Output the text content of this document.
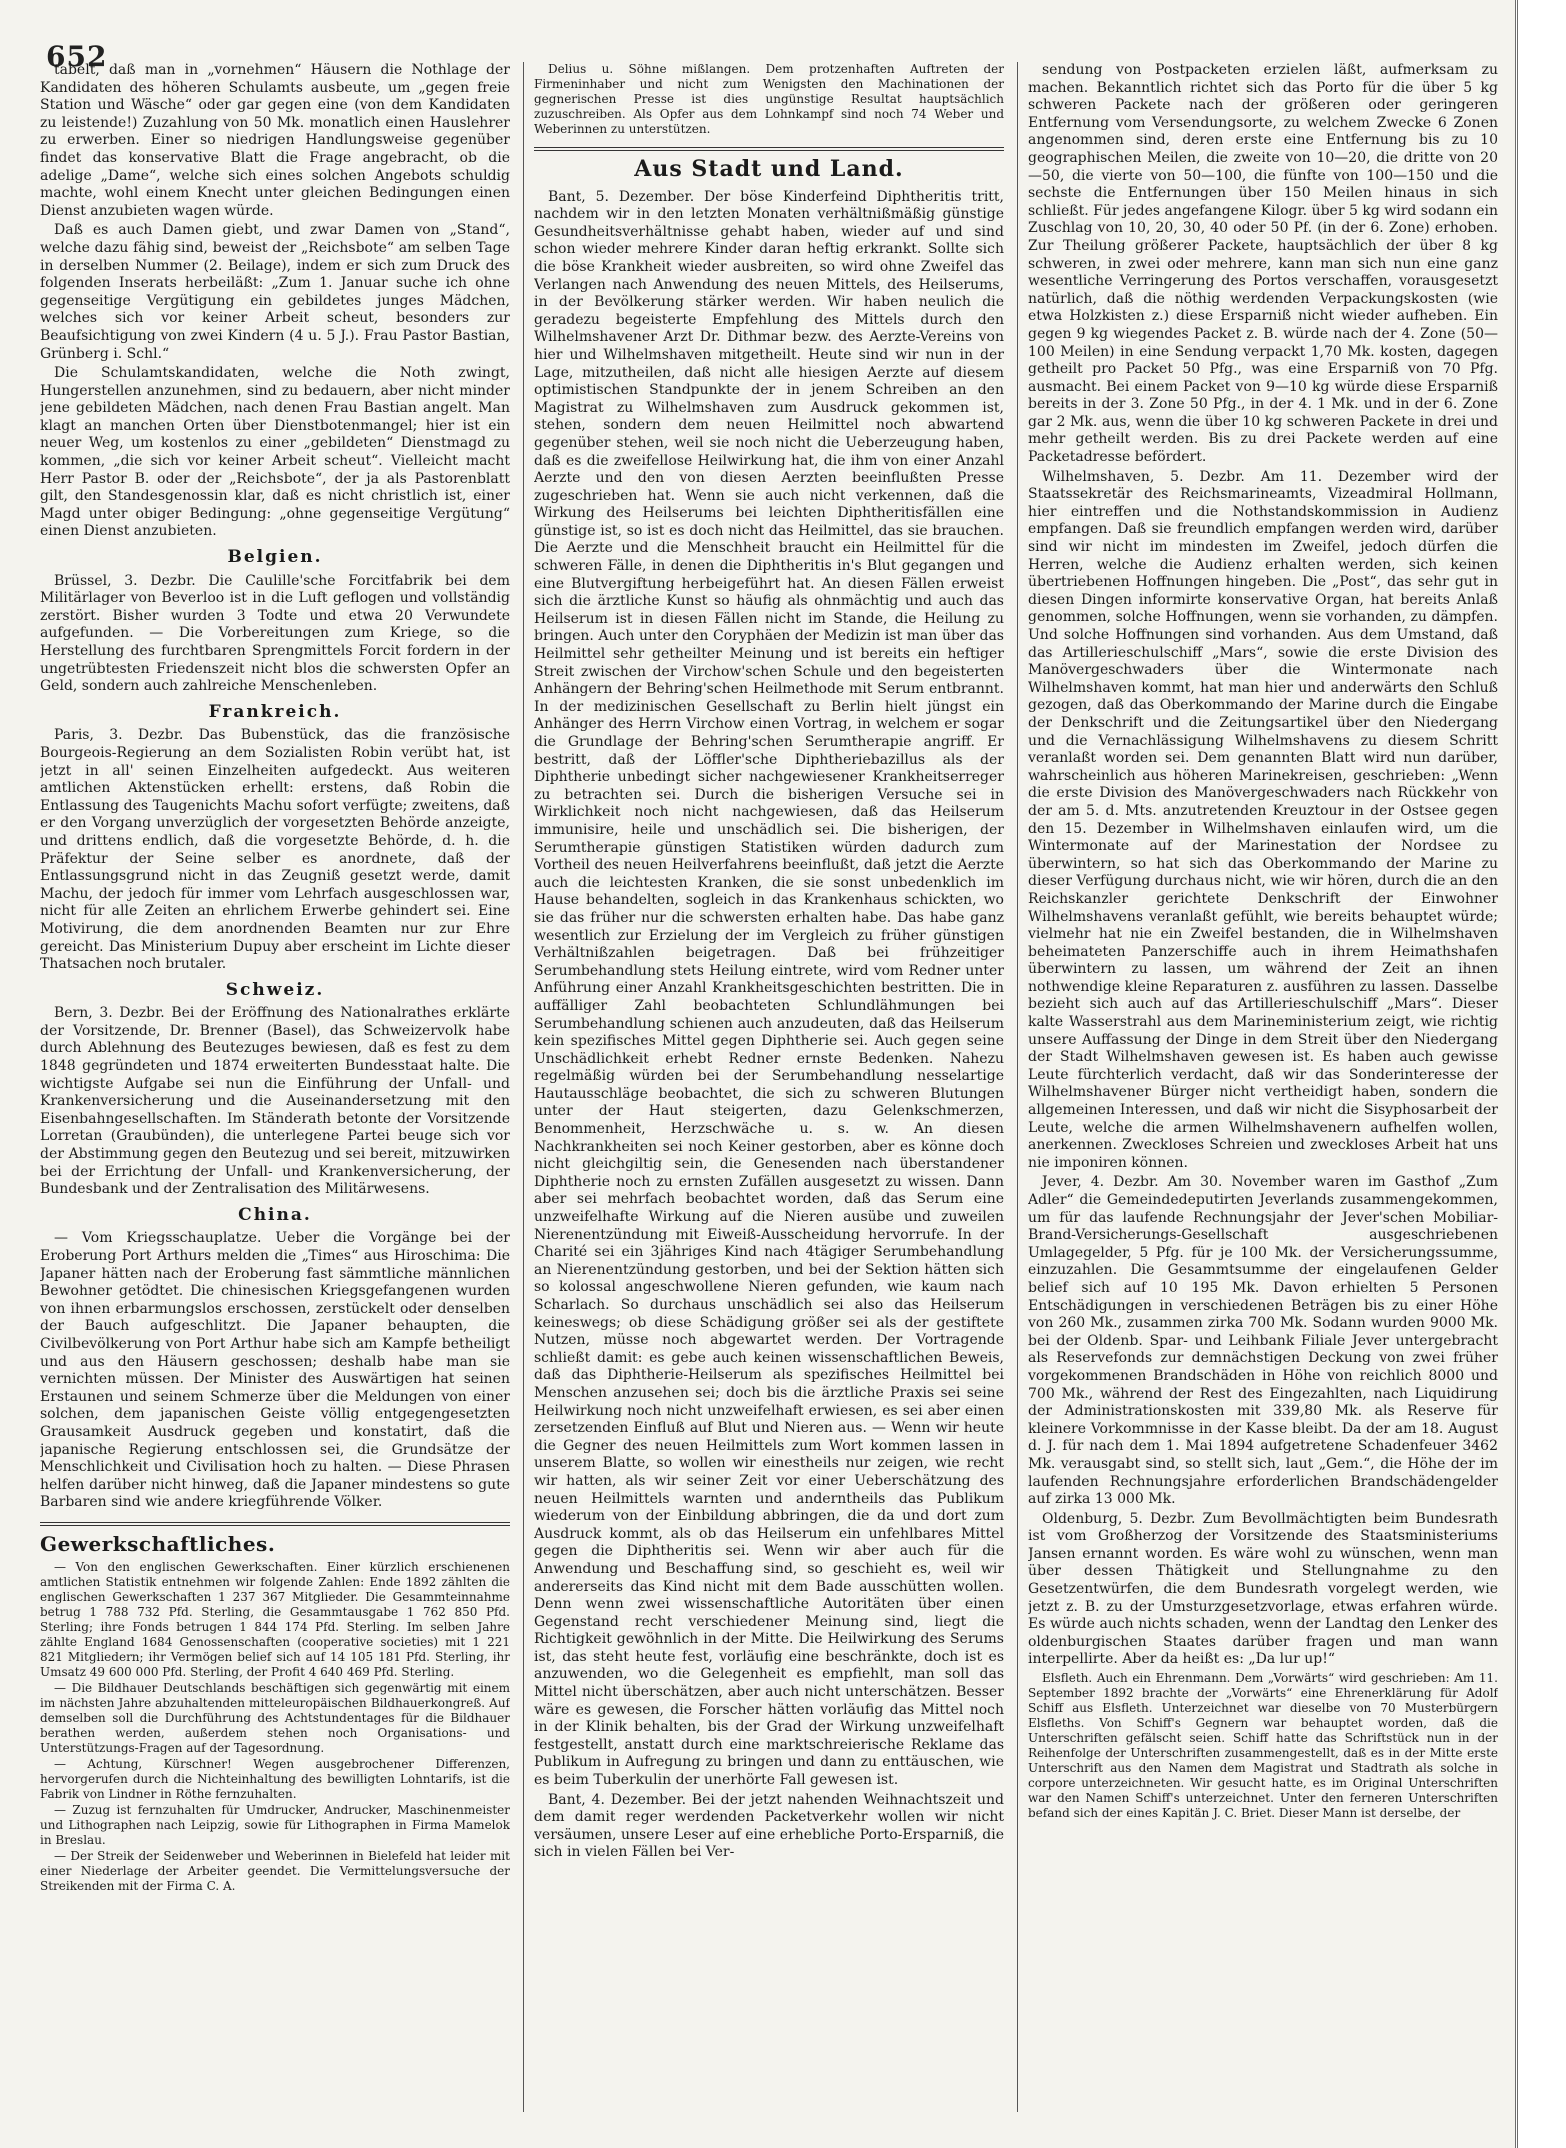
652

tabelt, daß man in „vornehmen“ Häusern die Nothlage der Kandidaten des höheren Schulamts ausbeute, um „gegen freie Station und Wäsche“ oder gar gegen eine (von dem Kandidaten zu leistende!) Zuzahlung von 50 Mk. monatlich einen Hauslehrer zu erwerben. Einer so niedrigen Handlungsweise gegenüber findet das konservative Blatt die Frage angebracht, ob die adelige „Dame“, welche sich eines solchen Angebots schuldig machte, wohl einem Knecht unter gleichen Bedingungen einen Dienst anzubieten wagen würde.

Daß es auch Damen giebt, und zwar Damen von „Stand“, welche dazu fähig sind, beweist der „Reichsbote“ am selben Tage in derselben Nummer (2. Beilage), indem er sich zum Druck des folgenden Inserats herbeiläßt: „Zum 1. Januar suche ich ohne gegenseitige Vergütigung ein gebildetes junges Mädchen, welches sich vor keiner Arbeit scheut, besonders zur Beaufsichtigung von zwei Kindern (4 u. 5 J.). Frau Pastor Bastian, Grünberg i. Schl.“

Die Schulamtskandidaten, welche die Noth zwingt, Hungerstellen anzunehmen, sind zu bedauern, aber nicht minder jene gebildeten Mädchen, nach denen Frau Bastian angelt. Man klagt an manchen Orten über Dienstbotenmangel; hier ist ein neuer Weg, um kostenlos zu einer „gebildeten“ Dienstmagd zu kommen, „die sich vor keiner Arbeit scheut“. Vielleicht macht Herr Pastor B. oder der „Reichsbote“, der ja als Pastorenblatt gilt, den Standesgenossin klar, daß es nicht christlich ist, einer Magd unter obiger Bedingung: „ohne gegenseitige Vergütung“ einen Dienst anzubieten.

Belgien.

Brüssel, 3. Dezbr. Die Caulille'sche Forcitfabrik bei dem Militärlager von Beverloo ist in die Luft geflogen und vollständig zerstört. Bisher wurden 3 Todte und etwa 20 Verwundete aufgefunden. — Die Vorbereitungen zum Kriege, so die Herstellung des furchtbaren Sprengmittels Forcit fordern in der ungetrübtesten Friedenszeit nicht blos die schwersten Opfer an Geld, sondern auch zahlreiche Menschenleben.

Frankreich.

Paris, 3. Dezbr. Das Bubenstück, das die französische Bourgeois-Regierung an dem Sozialisten Robin verübt hat, ist jetzt in all' seinen Einzelheiten aufgedeckt. Aus weiteren amtlichen Aktenstücken erhellt: erstens, daß Robin die Entlassung des Taugenichts Machu sofort verfügte; zweitens, daß er den Vorgang unverzüglich der vorgesetzten Behörde anzeigte, und drittens endlich, daß die vorgesetzte Behörde, d. h. die Präfektur der Seine selber es anordnete, daß der Entlassungsgrund nicht in das Zeugniß gesetzt werde, damit Machu, der jedoch für immer vom Lehrfach ausgeschlossen war, nicht für alle Zeiten an ehrlichem Erwerbe gehindert sei. Eine Motivirung, die dem anordnenden Beamten nur zur Ehre gereicht. Das Ministerium Dupuy aber erscheint im Lichte dieser Thatsachen noch brutaler.

Schweiz.

Bern, 3. Dezbr. Bei der Eröffnung des Nationalrathes erklärte der Vorsitzende, Dr. Brenner (Basel), das Schweizervolk habe durch Ablehnung des Beutezuges bewiesen, daß es fest zu dem 1848 gegründeten und 1874 erweiterten Bundesstaat halte. Die wichtigste Aufgabe sei nun die Einführung der Unfall- und Krankenversicherung und die Auseinandersetzung mit den Eisenbahngesellschaften. Im Ständerath betonte der Vorsitzende Lorretan (Graubünden), die unterlegene Partei beuge sich vor der Abstimmung gegen den Beutezug und sei bereit, mitzuwirken bei der Errichtung der Unfall- und Krankenversicherung, der Bundesbank und der Zentralisation des Militärwesens.

China.

— Vom Kriegsschauplatze. Ueber die Vorgänge bei der Eroberung Port Arthurs melden die „Times“ aus Hiroschima: Die Japaner hätten nach der Eroberung fast sämmtliche männlichen Bewohner getödtet. Die chinesischen Kriegsgefangenen wurden von ihnen erbarmungslos erschossen, zerstückelt oder denselben der Bauch aufgeschlitzt. Die Japaner behaupten, die Civilbevölkerung von Port Arthur habe sich am Kampfe betheiligt und aus den Häusern geschossen; deshalb habe man sie vernichten müssen. Der Minister des Auswärtigen hat seinen Erstaunen und seinem Schmerze über die Meldungen von einer solchen, dem japanischen Geiste völlig entgegengesetzten Grausamkeit Ausdruck gegeben und konstatirt, daß die japanische Regierung entschlossen sei, die Grundsätze der Menschlichkeit und Civilisation hoch zu halten. — Diese Phrasen helfen darüber nicht hinweg, daß die Japaner mindestens so gute Barbaren sind wie andere kriegführende Völker.

Gewerkschaftliches.

— Von den englischen Gewerkschaften. Einer kürzlich erschienenen amtlichen Statistik entnehmen wir folgende Zahlen: Ende 1892 zählten die englischen Gewerkschaften 1 237 367 Mitglieder. Die Gesammteinnahme betrug 1 788 732 Pfd. Sterling, die Gesammtausgabe 1 762 850 Pfd. Sterling; ihre Fonds betrugen 1 844 174 Pfd. Sterling. Im selben Jahre zählte England 1684 Genossenschaften (cooperative societies) mit 1 221 821 Mitgliedern; ihr Vermögen belief sich auf 14 105 181 Pfd. Sterling, ihr Umsatz 49 600 000 Pfd. Sterling, der Profit 4 640 469 Pfd. Sterling.

— Die Bildhauer Deutschlands beschäftigen sich gegenwärtig mit einem im nächsten Jahre abzuhaltenden mitteleuropäischen Bildhauerkongreß. Auf demselben soll die Durchführung des Achtstundentages für die Bildhauer berathen werden, außerdem stehen noch Organisations- und Unterstützungs-Fragen auf der Tagesordnung.

— Achtung, Kürschner! Wegen ausgebrochener Differenzen, hervorgerufen durch die Nichteinhaltung des bewilligten Lohntarifs, ist die Fabrik von Lindner in Röthe fernzuhalten.

— Zuzug ist fernzuhalten für Umdrucker, Andrucker, Maschinenmeister und Lithographen nach Leipzig, sowie für Lithographen in Firma Mamelok in Breslau.

— Der Streik der Seidenweber und Weberinnen in Bielefeld hat leider mit einer Niederlage der Arbeiter geendet. Die Vermittelungsversuche der Streikenden mit der Firma C. A.

Delius u. Söhne mißlangen. Dem protzenhaften Auftreten der Firmeninhaber und nicht zum Wenigsten den Machinationen der gegnerischen Presse ist dies ungünstige Resultat hauptsächlich zuzuschreiben. Als Opfer aus dem Lohnkampf sind noch 74 Weber und Weberinnen zu unterstützen.

Aus Stadt und Land.

Bant, 5. Dezember. Der böse Kinderfeind Diphtheritis tritt, nachdem wir in den letzten Monaten verhältnißmäßig günstige Gesundheitsverhältnisse gehabt haben, wieder auf und sind schon wieder mehrere Kinder daran heftig erkrankt. Sollte sich die böse Krankheit wieder ausbreiten, so wird ohne Zweifel das Verlangen nach Anwendung des neuen Mittels, des Heilserums, in der Bevölkerung stärker werden. Wir haben neulich die geradezu begeisterte Empfehlung des Mittels durch den Wilhelmshavener Arzt Dr. Dithmar bezw. des Aerzte-Vereins von hier und Wilhelmshaven mitgetheilt. Heute sind wir nun in der Lage, mitzutheilen, daß nicht alle hiesigen Aerzte auf diesem optimistischen Standpunkte der in jenem Schreiben an den Magistrat zu Wilhelmshaven zum Ausdruck gekommen ist, stehen, sondern dem neuen Heilmittel noch abwartend gegenüber stehen, weil sie noch nicht die Ueberzeugung haben, daß es die zweifellose Heilwirkung hat, die ihm von einer Anzahl Aerzte und den von diesen Aerzten beeinflußten Presse zugeschrieben hat. Wenn sie auch nicht verkennen, daß die Wirkung des Heilserums bei leichten Diphtheritisfällen eine günstige ist, so ist es doch nicht das Heilmittel, das sie brauchen. Die Aerzte und die Menschheit braucht ein Heilmittel für die schweren Fälle, in denen die Diphtheritis in's Blut gegangen und eine Blutvergiftung herbeigeführt hat. An diesen Fällen erweist sich die ärztliche Kunst so häufig als ohnmächtig und auch das Heilserum ist in diesen Fällen nicht im Stande, die Heilung zu bringen. Auch unter den Coryphäen der Medizin ist man über das Heilmittel sehr getheilter Meinung und ist bereits ein heftiger Streit zwischen der Virchow'schen Schule und den begeisterten Anhängern der Behring'schen Heilmethode mit Serum entbrannt. In der medizinischen Gesellschaft zu Berlin hielt jüngst ein Anhänger des Herrn Virchow einen Vortrag, in welchem er sogar die Grundlage der Behring'schen Serumtherapie angriff. Er bestritt, daß der Löffler'sche Diphtheriebazillus als der Diphtherie unbedingt sicher nachgewiesener Krankheitserreger zu betrachten sei. Durch die bisherigen Versuche sei in Wirklichkeit noch nicht nachgewiesen, daß das Heilserum immunisire, heile und unschädlich sei. Die bisherigen, der Serumtherapie günstigen Statistiken würden dadurch zum Vortheil des neuen Heilverfahrens beeinflußt, daß jetzt die Aerzte auch die leichtesten Kranken, die sie sonst unbedenklich im Hause behandelten, sogleich in das Krankenhaus schickten, wo sie das früher nur die schwersten erhalten habe. Das habe ganz wesentlich zur Erzielung der im Vergleich zu früher günstigen Verhältnißzahlen beigetragen. Daß bei frühzeitiger Serumbehandlung stets Heilung eintrete, wird vom Redner unter Anführung einer Anzahl Krankheitsgeschichten bestritten. Die in auffälliger Zahl beobachteten Schlundlähmungen bei Serumbehandlung schienen auch anzudeuten, daß das Heilserum kein spezifisches Mittel gegen Diphtherie sei. Auch gegen seine Unschädlichkeit erhebt Redner ernste Bedenken. Nahezu regelmäßig würden bei der Serumbehandlung nesselartige Hautausschläge beobachtet, die sich zu schweren Blutungen unter der Haut steigerten, dazu Gelenkschmerzen, Benommenheit, Herzschwäche u. s. w. An diesen Nachkrankheiten sei noch Keiner gestorben, aber es könne doch nicht gleichgiltig sein, die Genesenden nach überstandener Diphtherie noch zu ernsten Zufällen ausgesetzt zu wissen. Dann aber sei mehrfach beobachtet worden, daß das Serum eine unzweifelhafte Wirkung auf die Nieren ausübe und zuweilen Nierenentzündung mit Eiweiß-Ausscheidung hervorrufe. In der Charité sei ein 3jähriges Kind nach 4tägiger Serumbehandlung an Nierenentzündung gestorben, und bei der Sektion hätten sich so kolossal angeschwollene Nieren gefunden, wie kaum nach Scharlach. So durchaus unschädlich sei also das Heilserum keineswegs; ob diese Schädigung größer sei als der gestiftete Nutzen, müsse noch abgewartet werden. Der Vortragende schließt damit: es gebe auch keinen wissenschaftlichen Beweis, daß das Diphtherie-Heilserum als spezifisches Heilmittel bei Menschen anzusehen sei; doch bis die ärztliche Praxis sei seine Heilwirkung noch nicht unzweifelhaft erwiesen, es sei aber einen zersetzenden Einfluß auf Blut und Nieren aus. — Wenn wir heute die Gegner des neuen Heilmittels zum Wort kommen lassen in unserem Blatte, so wollen wir einestheils nur zeigen, wie recht wir hatten, als wir seiner Zeit vor einer Ueberschätzung des neuen Heilmittels warnten und anderntheils das Publikum wiederum von der Einbildung abbringen, die da und dort zum Ausdruck kommt, als ob das Heilserum ein unfehlbares Mittel gegen die Diphtheritis sei. Wenn wir aber auch für die Anwendung und Beschaffung sind, so geschieht es, weil wir andererseits das Kind nicht mit dem Bade ausschütten wollen. Denn wenn zwei wissenschaftliche Autoritäten über einen Gegenstand recht verschiedener Meinung sind, liegt die Richtigkeit gewöhnlich in der Mitte. Die Heilwirkung des Serums ist, das steht heute fest, vorläufig eine beschränkte, doch ist es anzuwenden, wo die Gelegenheit es empfiehlt, man soll das Mittel nicht überschätzen, aber auch nicht unterschätzen. Besser wäre es gewesen, die Forscher hätten vorläufig das Mittel noch in der Klinik behalten, bis der Grad der Wirkung unzweifelhaft festgestellt, anstatt durch eine marktschreierische Reklame das Publikum in Aufregung zu bringen und dann zu enttäuschen, wie es beim Tuberkulin der unerhörte Fall gewesen ist.

Bant, 4. Dezember. Bei der jetzt nahenden Weihnachtszeit und dem damit reger werdenden Packetverkehr wollen wir nicht versäumen, unsere Leser auf eine erhebliche Porto-Ersparniß, die sich in vielen Fällen bei Ver-

sendung von Postpacketen erzielen läßt, aufmerksam zu machen. Bekanntlich richtet sich das Porto für die über 5 kg schweren Packete nach der größeren oder geringeren Entfernung vom Versendungsorte, zu welchem Zwecke 6 Zonen angenommen sind, deren erste eine Entfernung bis zu 10 geographischen Meilen, die zweite von 10—20, die dritte von 20—50, die vierte von 50—100, die fünfte von 100—150 und die sechste die Entfernungen über 150 Meilen hinaus in sich schließt. Für jedes angefangene Kilogr. über 5 kg wird sodann ein Zuschlag von 10, 20, 30, 40 oder 50 Pf. (in der 6. Zone) erhoben. Zur Theilung größerer Packete, hauptsächlich der über 8 kg schweren, in zwei oder mehrere, kann man sich nun eine ganz wesentliche Verringerung des Portos verschaffen, vorausgesetzt natürlich, daß die nöthig werdenden Verpackungskosten (wie etwa Holzkisten z.) diese Ersparniß nicht wieder aufheben. Ein gegen 9 kg wiegendes Packet z. B. würde nach der 4. Zone (50—100 Meilen) in eine Sendung verpackt 1,70 Mk. kosten, dagegen getheilt pro Packet 50 Pfg., was eine Ersparniß von 70 Pfg. ausmacht. Bei einem Packet von 9—10 kg würde diese Ersparniß bereits in der 3. Zone 50 Pfg., in der 4. 1 Mk. und in der 6. Zone gar 2 Mk. aus, wenn die über 10 kg schweren Packete in drei und mehr getheilt werden. Bis zu drei Packete werden auf eine Packetadresse befördert.

Wilhelmshaven, 5. Dezbr. Am 11. Dezember wird der Staatssekretär des Reichsmarineamts, Vizeadmiral Hollmann, hier eintreffen und die Nothstandskommission in Audienz empfangen. Daß sie freundlich empfangen werden wird, darüber sind wir nicht im mindesten im Zweifel, jedoch dürfen die Herren, welche die Audienz erhalten werden, sich keinen übertriebenen Hoffnungen hingeben. Die „Post“, das sehr gut in diesen Dingen informirte konservative Organ, hat bereits Anlaß genommen, solche Hoffnungen, wenn sie vorhanden, zu dämpfen. Und solche Hoffnungen sind vorhanden. Aus dem Umstand, daß das Artillerieschulschiff „Mars“, sowie die erste Division des Manövergeschwaders über die Wintermonate nach Wilhelmshaven kommt, hat man hier und anderwärts den Schluß gezogen, daß das Oberkommando der Marine durch die Eingabe der Denkschrift und die Zeitungsartikel über den Niedergang und die Vernachlässigung Wilhelmshavens zu diesem Schritt veranlaßt worden sei. Dem genannten Blatt wird nun darüber, wahrscheinlich aus höheren Marinekreisen, geschrieben: „Wenn die erste Division des Manövergeschwaders nach Rückkehr von der am 5. d. Mts. anzutretenden Kreuztour in der Ostsee gegen den 15. Dezember in Wilhelmshaven einlaufen wird, um die Wintermonate auf der Marinestation der Nordsee zu überwintern, so hat sich das Oberkommando der Marine zu dieser Verfügung durchaus nicht, wie wir hören, durch die an den Reichskanzler gerichtete Denkschrift der Einwohner Wilhelmshavens veranlaßt gefühlt, wie bereits behauptet würde; vielmehr hat nie ein Zweifel bestanden, die in Wilhelmshaven beheimateten Panzerschiffe auch in ihrem Heimathshafen überwintern zu lassen, um während der Zeit an ihnen nothwendige kleine Reparaturen z. ausführen zu lassen. Dasselbe bezieht sich auch auf das Artillerieschulschiff „Mars“. Dieser kalte Wasserstrahl aus dem Marineministerium zeigt, wie richtig unsere Auffassung der Dinge in dem Streit über den Niedergang der Stadt Wilhelmshaven gewesen ist. Es haben auch gewisse Leute fürchterlich verdacht, daß wir das Sonderinteresse der Wilhelmshavener Bürger nicht vertheidigt haben, sondern die allgemeinen Interessen, und daß wir nicht die Sisyphosarbeit der Leute, welche die armen Wilhelmshavenern aufhelfen wollen, anerkennen. Zweckloses Schreien und zweckloses Arbeit hat uns nie imponiren können.

Jever, 4. Dezbr. Am 30. November waren im Gasthof „Zum Adler“ die Gemeindedeputirten Jeverlands zusammengekommen, um für das laufende Rechnungsjahr der Jever'schen Mobiliar-Brand-Versicherungs-Gesellschaft ausgeschriebenen Umlagegelder, 5 Pfg. für je 100 Mk. der Versicherungssumme, einzuzahlen. Die Gesammtsumme der eingelaufenen Gelder belief sich auf 10 195 Mk. Davon erhielten 5 Personen Entschädigungen in verschiedenen Beträgen bis zu einer Höhe von 260 Mk., zusammen zirka 700 Mk. Sodann wurden 9000 Mk. bei der Oldenb. Spar- und Leihbank Filiale Jever untergebracht als Reservefonds zur demnächstigen Deckung von zwei früher vorgekommenen Brandschäden in Höhe von reichlich 8000 und 700 Mk., während der Rest des Eingezahlten, nach Liquidirung der Administrationskosten mit 339,80 Mk. als Reserve für kleinere Vorkommnisse in der Kasse bleibt. Da der am 18. August d. J. für nach dem 1. Mai 1894 aufgetretene Schadenfeuer 3462 Mk. verausgabt sind, so stellt sich, laut „Gem.“, die Höhe der im laufenden Rechnungsjahre erforderlichen Brandschädengelder auf zirka 13 000 Mk.

Oldenburg, 5. Dezbr. Zum Bevollmächtigten beim Bundesrath ist vom Großherzog der Vorsitzende des Staatsministeriums Jansen ernannt worden. Es wäre wohl zu wünschen, wenn man über dessen Thätigkeit und Stellungnahme zu den Gesetzentwürfen, die dem Bundesrath vorgelegt werden, wie jetzt z. B. zu der Umsturzgesetzvorlage, etwas erfahren würde. Es würde auch nichts schaden, wenn der Landtag den Lenker des oldenburgischen Staates darüber fragen und man wann interpellirte. Aber da heißt es: „Da lur up!“

Elsfleth. Auch ein Ehrenmann. Dem „Vorwärts“ wird geschrieben: Am 11. September 1892 brachte der „Vorwärts“ eine Ehrenerklärung für Adolf Schiff aus Elsfleth. Unterzeichnet war dieselbe von 70 Musterbürgern Elsfleths. Von Schiff's Gegnern war behauptet worden, daß die Unterschriften gefälscht seien. Schiff hatte das Schriftstück nun in der Reihenfolge der Unterschriften zusammengestellt, daß es in der Mitte erste Unterschrift aus den Namen dem Magistrat und Stadtrath als solche in corpore unterzeichneten. Wir gesucht hatte, es im Original Unterschriften war den Namen Schiff's unterzeichnet. Unter den ferneren Unterschriften befand sich der eines Kapitän J. C. Briet. Dieser Mann ist derselbe, der
